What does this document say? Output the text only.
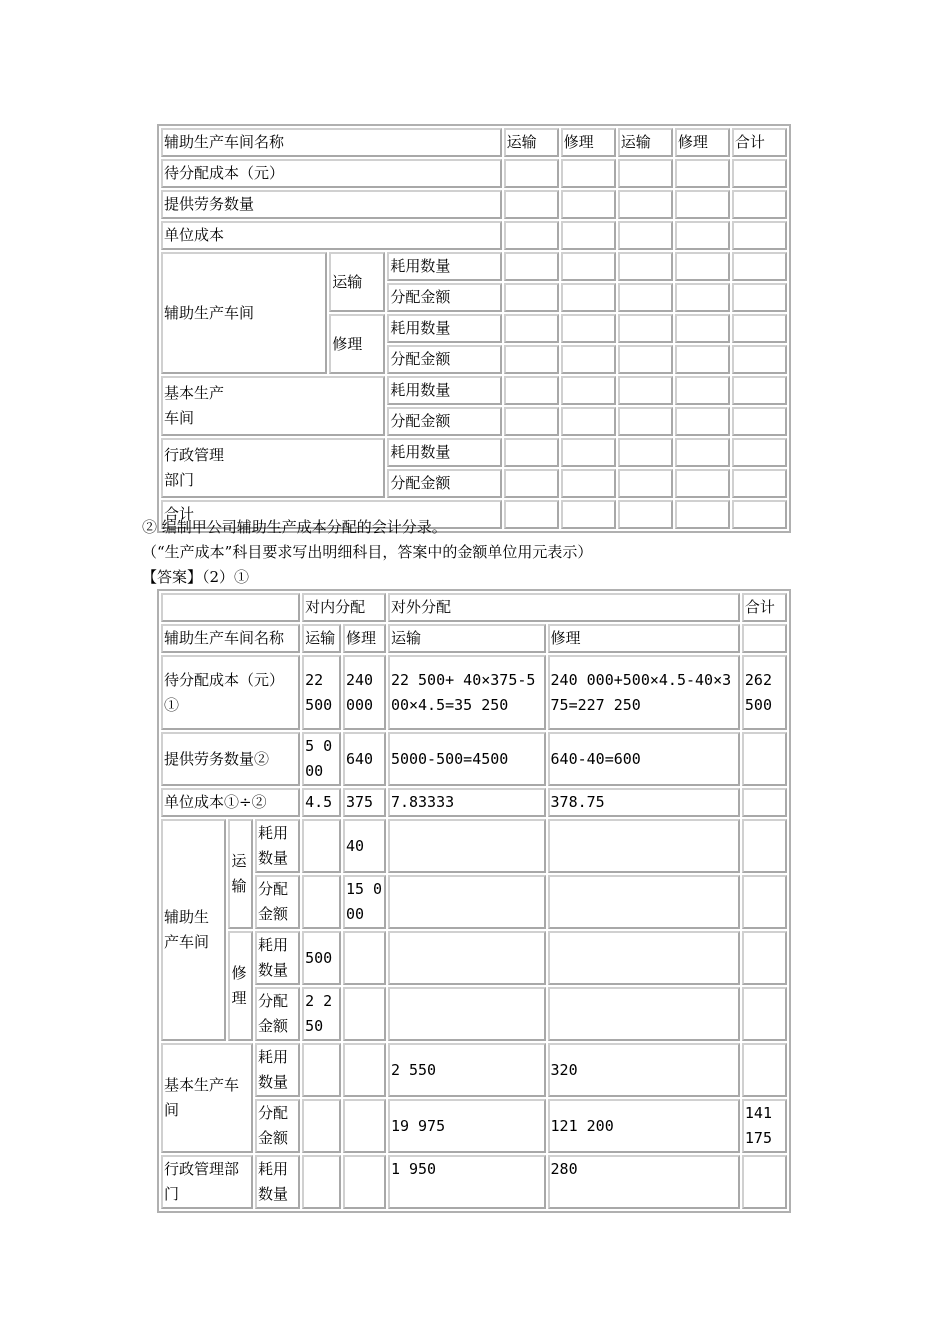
辅助生产车间名称			运输	修理	运输	修理	合计
待分配成本（元）							
提供劳务数量							
单位成本							
辅助生产车间	运输	耗用数量					
		分配金额					
	修理	耗用数量					
		分配金额					
基本生产
车间		耗用数量					
		分配金额					
行政管理
部门		耗用数量					
		分配金额					
合计							
② 编制甲公司辅助生产成本分配的会计分录。
（“生产成本”科目要求写出明细科目，答案中的金额单位用元表示）
【答案】（2）①
			对内分配		对外分配		合计
辅助生产车间名称			运输	修理	运输	修理	
待分配成本（元）①			22 500	240 000	22 500+ 40×375-500×4.5=35 250	240 000+500×4.5-40×375=227 250	262 500
提供劳务数量②			5 000	640	5000-500=4500	640-40=600	
单位成本①÷②			4.5	375	7.83333	378.75	
辅助生产车间	运输	耗用数量		40			
		分配金额		15 000			
	修理	耗用数量	500				
		分配金额	2 250				
基本生产车间		耗用数量			2 550	320	
		分配金额			19 975	121 200	141 175
行政管理部门		耗用数量			1 950	280	
